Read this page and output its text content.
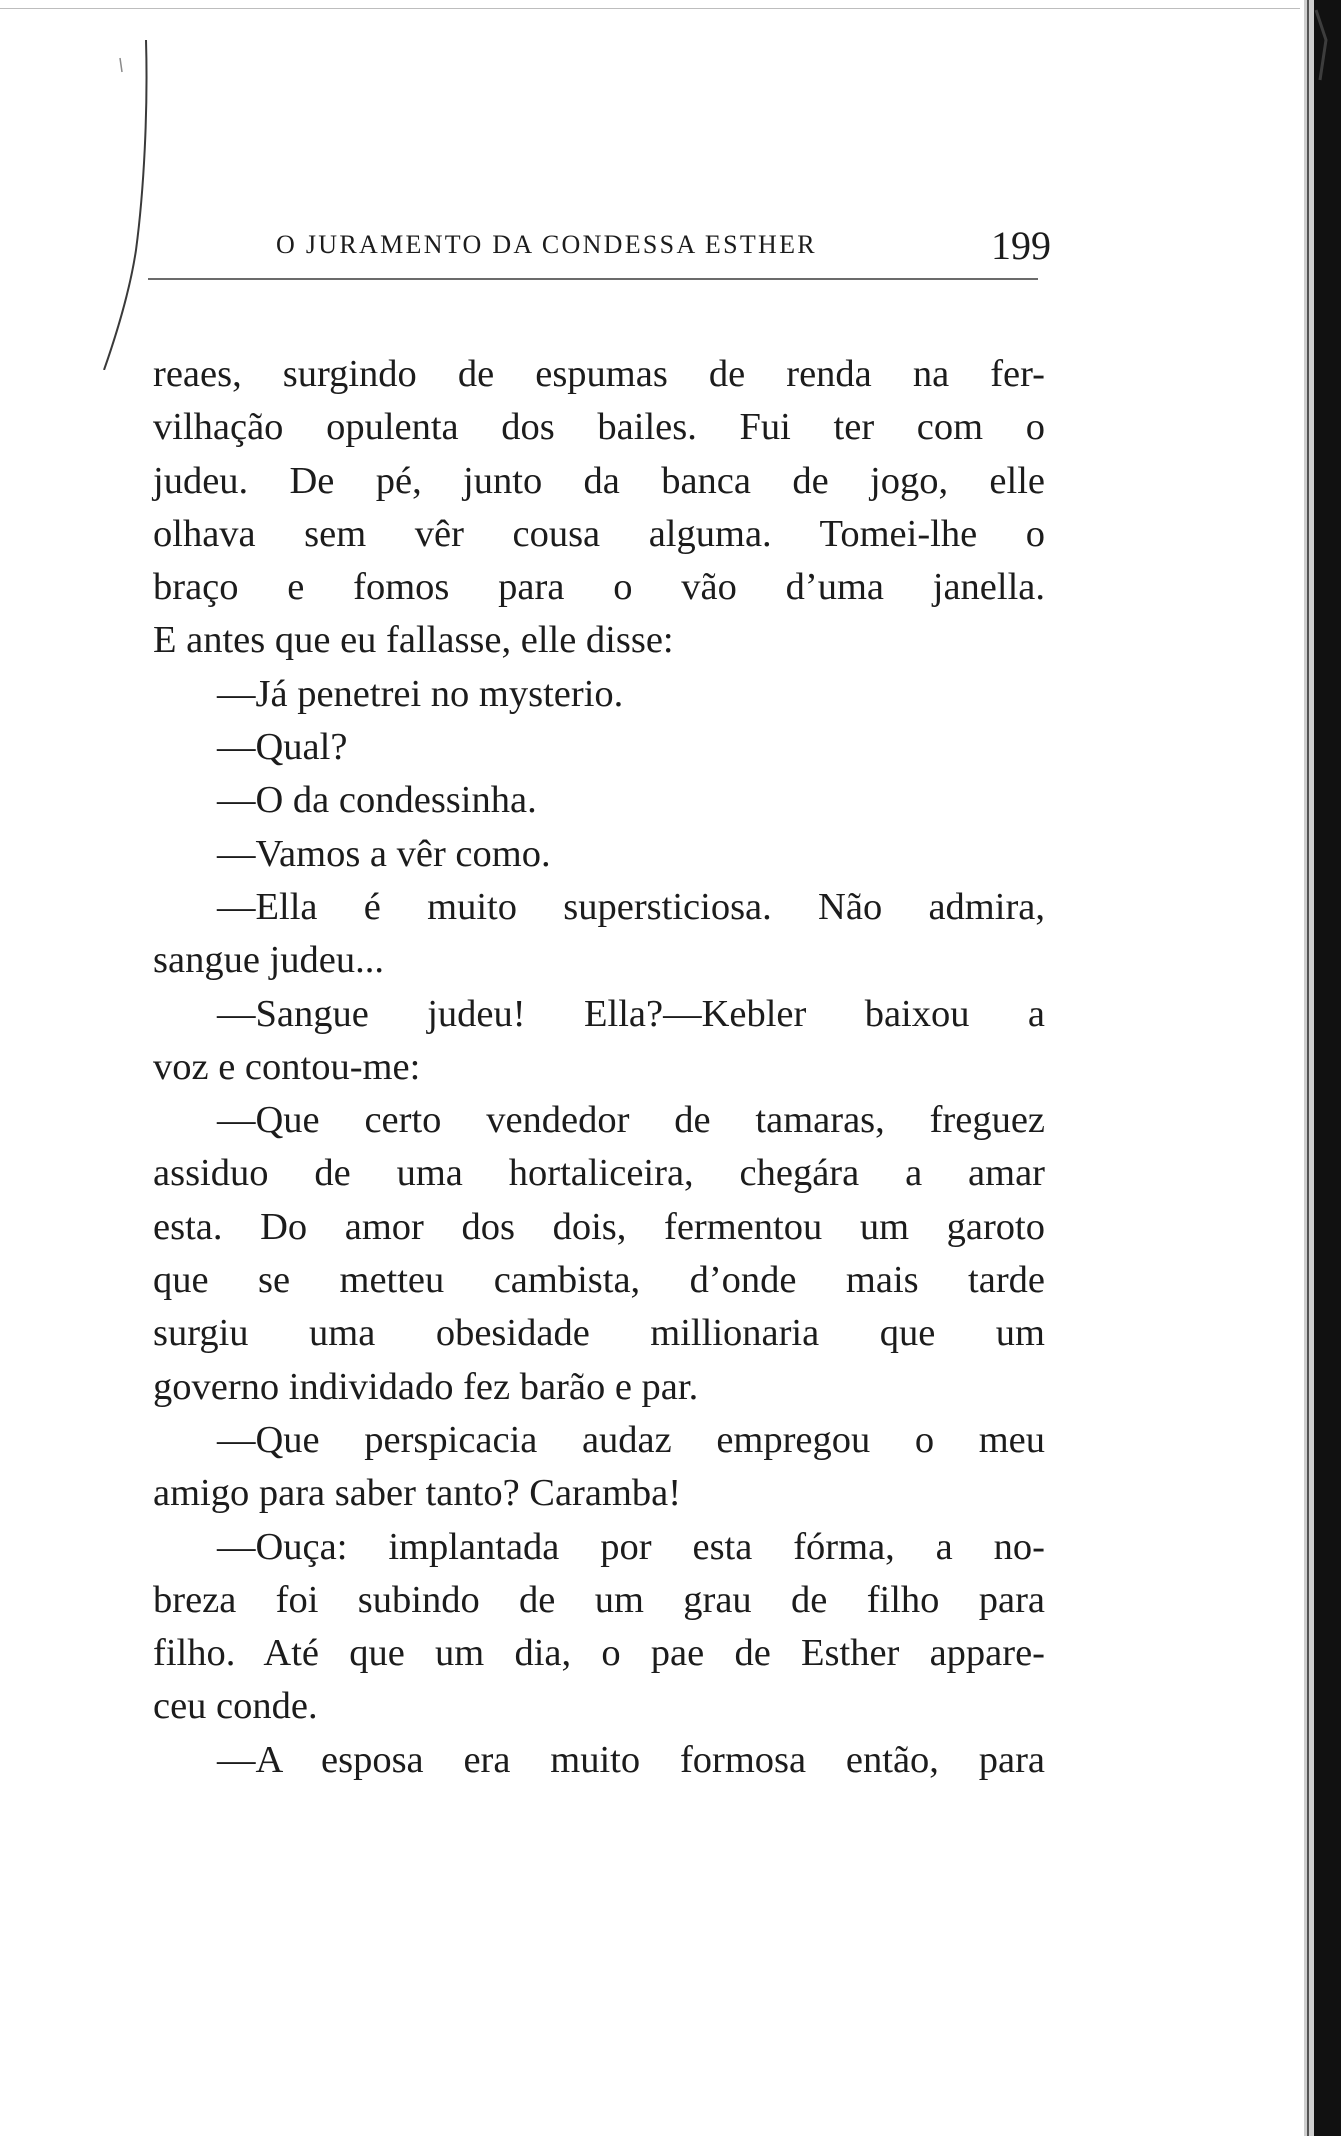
O JURAMENTO DA CONDESSA ESTHER	199
reaes, surgindo de espumas de renda na fer-
vilhação opulenta dos bailes. Fui ter com o
judeu. De pé, junto da banca de jogo, elle
olhava sem vêr cousa alguma. Tomei-lhe o
braço e fomos para o vão d’uma janella.
E antes que eu fallasse, elle disse:
—Já penetrei no mysterio.
—Qual?
—O da condessinha.
—Vamos a vêr como.
—Ella é muito supersticiosa. Não admira,
sangue judeu...
—Sangue judeu! Ella?—Kebler baixou a
voz e contou-me:
—Que certo vendedor de tamaras, freguez
assiduo de uma hortaliceira, chegára a amar
esta. Do amor dos dois, fermentou um garoto
que se metteu cambista, d’onde mais tarde
surgiu uma obesidade millionaria que um
governo individado fez barão e par.
—Que perspicacia audaz empregou o meu
amigo para saber tanto? Caramba!
—Ouça: implantada por esta fórma, a no-
breza foi subindo de um grau de filho para
filho. Até que um dia, o pae de Esther appare-
ceu conde.
—A esposa era muito formosa então, para
